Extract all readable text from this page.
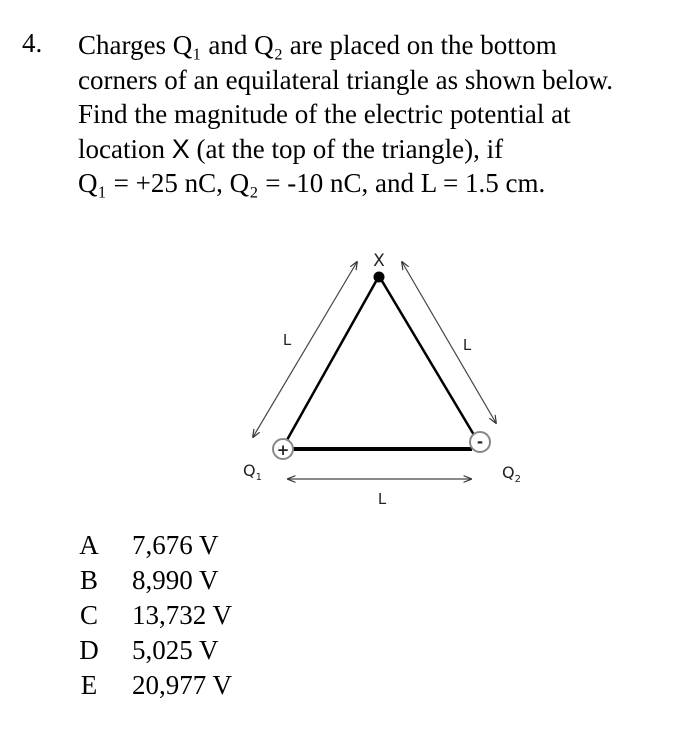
4. Charges Q₁ and Q₂ are placed on the bottom
corners of an equilateral triangle as shown below.
Find the magnitude of the electric potential at
location X (at the top of the triangle), if
Q₁ = +25 nC, Q₂ = -10 nC, and L = 1.5 cm.
X
+	-
L	L
L
$Q_1$	$Q_2$
A 7,676 V
B 8,990 V
C 13,732 V
D 5,025 V
E 20,977 V
